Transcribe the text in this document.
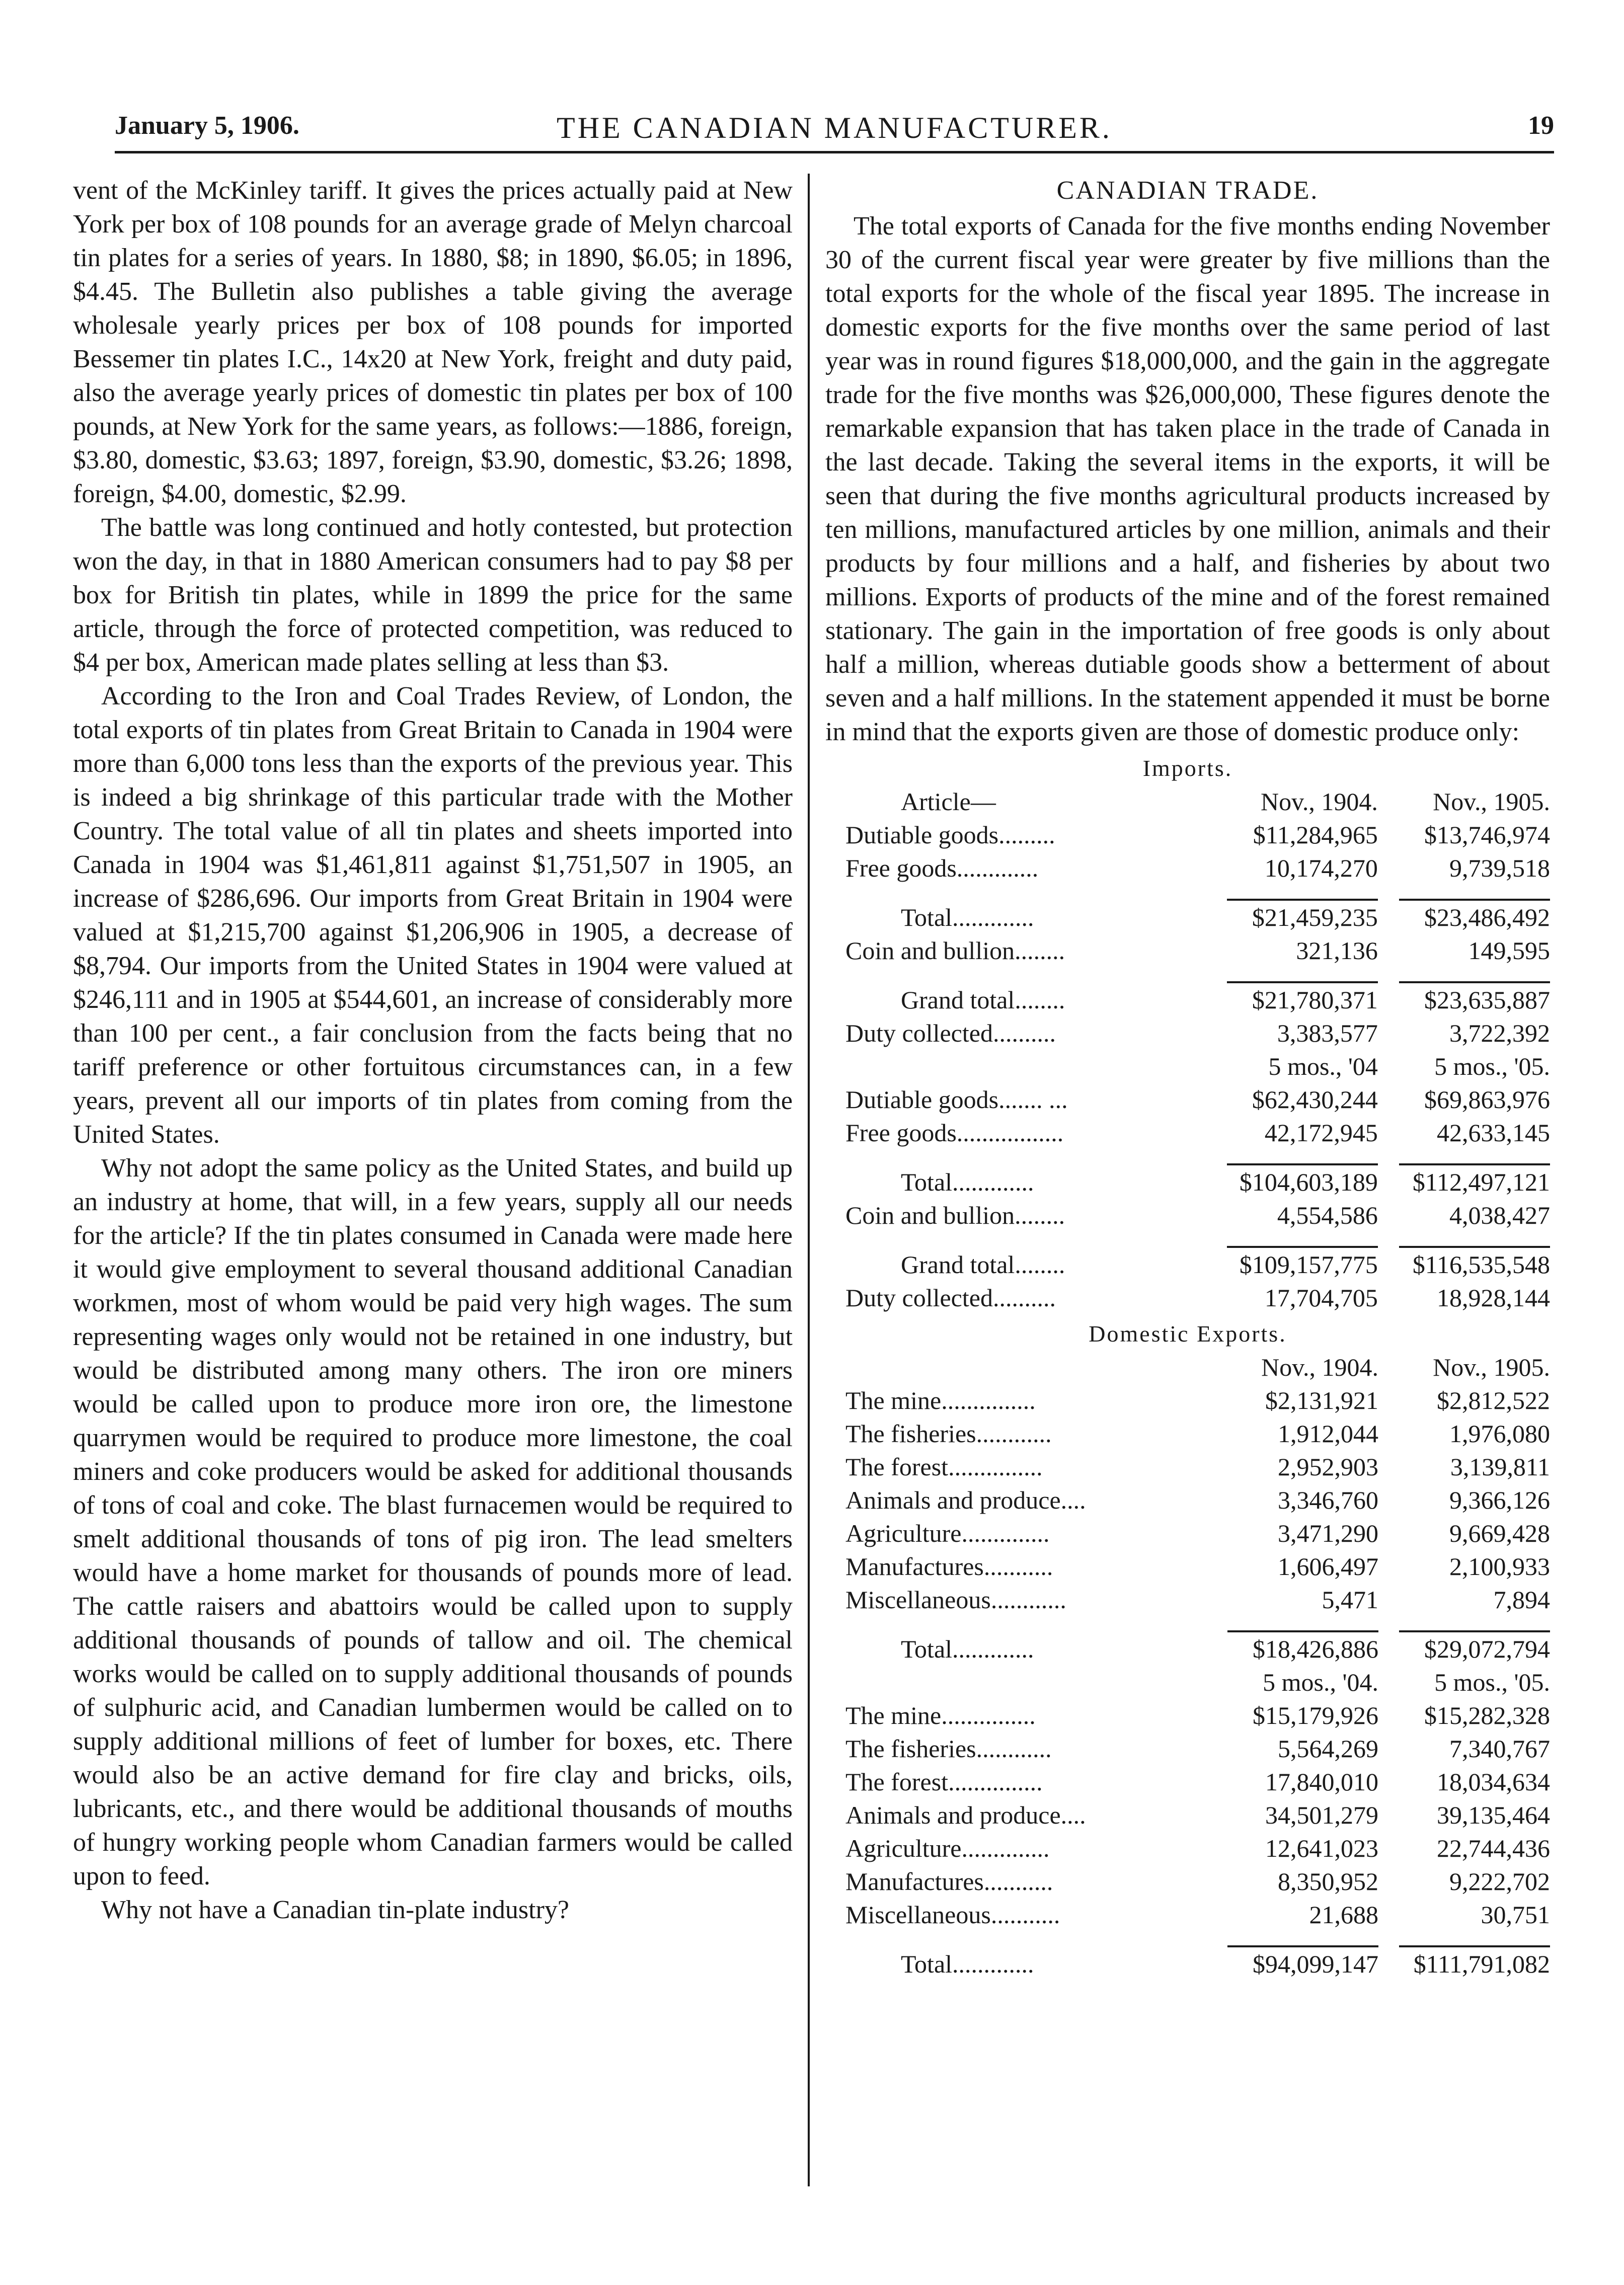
January 5, 1906.	THE CANADIAN MANUFACTURER.	19

vent of the McKinley tariff. It gives the prices actually paid at New York per box of 108 pounds for an average grade of Melyn charcoal tin plates for a series of years. In 1880, $8; in 1890, $6.05; in 1896, $4.45. The Bulletin also publishes a table giving the average wholesale yearly prices per box of 108 pounds for imported Bessemer tin plates I.C., 14x20 at New York, freight and duty paid, also the average yearly prices of domestic tin plates per box of 100 pounds, at New York for the same years, as follows:—1886, foreign, $3.80, domestic, $3.63; 1897, foreign, $3.90, domestic, $3.26; 1898, foreign, $4.00, domestic, $2.99.

The battle was long continued and hotly contested, but protection won the day, in that in 1880 American consumers had to pay $8 per box for British tin plates, while in 1899 the price for the same article, through the force of protected competition, was reduced to $4 per box, American made plates selling at less than $3.

According to the Iron and Coal Trades Review, of London, the total exports of tin plates from Great Britain to Canada in 1904 were more than 6,000 tons less than the exports of the previous year. This is indeed a big shrinkage of this particular trade with the Mother Country. The total value of all tin plates and sheets imported into Canada in 1904 was $1,461,811 against $1,751,507 in 1905, an increase of $286,696. Our imports from Great Britain in 1904 were valued at $1,215,700 against $1,206,906 in 1905, a decrease of $8,794. Our imports from the United States in 1904 were valued at $246,111 and in 1905 at $544,601, an increase of considerably more than 100 per cent., a fair conclusion from the facts being that no tariff preference or other fortuitous circumstances can, in a few years, prevent all our imports of tin plates from coming from the United States.

Why not adopt the same policy as the United States, and build up an industry at home, that will, in a few years, supply all our needs for the article? If the tin plates consumed in Canada were made here it would give employment to several thousand additional Canadian workmen, most of whom would be paid very high wages. The sum representing wages only would not be retained in one industry, but would be distributed among many others. The iron ore miners would be called upon to produce more iron ore, the limestone quarrymen would be required to produce more limestone, the coal miners and coke producers would be asked for additional thousands of tons of coal and coke. The blast furnacemen would be required to smelt additional thousands of tons of pig iron. The lead smelters would have a home market for thousands of pounds more of lead. The cattle raisers and abattoirs would be called upon to supply additional thousands of pounds of tallow and oil. The chemical works would be called on to supply additional thousands of pounds of sulphuric acid, and Canadian lumbermen would be called on to supply additional millions of feet of lumber for boxes, etc. There would also be an active demand for fire clay and bricks, oils, lubricants, etc., and there would be additional thousands of mouths of hungry working people whom Canadian farmers would be called upon to feed.

Why not have a Canadian tin-plate industry?

CANADIAN TRADE.

The total exports of Canada for the five months ending November 30 of the current fiscal year were greater by five millions than the total exports for the whole of the fiscal year 1895. The increase in domestic exports for the five months over the same period of last year was in round figures $18,000,000, and the gain in the aggregate trade for the five months was $26,000,000, These figures denote the remarkable expansion that has taken place in the trade of Canada in the last decade. Taking the several items in the exports, it will be seen that during the five months agricultural products increased by ten millions, manufactured articles by one million, animals and their products by four millions and a half, and fisheries by about two millions. Exports of products of the mine and of the forest remained stationary. The gain in the importation of free goods is only about half a million, whereas dutiable goods show a betterment of about seven and a half millions. In the statement appended it must be borne in mind that the exports given are those of domestic produce only:

Imports.
Article—	Nov., 1904.	Nov., 1905.
Dutiable goods.........	$11,284,965	$13,746,974
Free goods.............	10,174,270	9,739,518

Total.............	$21,459,235	$23,486,492
Coin and bullion........	321,136	149,595

Grand total........	$21,780,371	$23,635,887
Duty collected..........	3,383,577	3,722,392
	5 mos., '04	5 mos., '05.
Dutiable goods....... ...	$62,430,244	$69,863,976
Free goods.................	42,172,945	42,633,145

Total.............	$104,603,189	$112,497,121
Coin and bullion........	4,554,586	4,038,427

Grand total........	$109,157,775	$116,535,548
Duty collected..........	17,704,705	18,928,144
Domestic Exports.
	Nov., 1904.	Nov., 1905.
The mine...............	$2,131,921	$2,812,522
The fisheries............	1,912,044	1,976,080
The forest...............	2,952,903	3,139,811
Animals and produce....	3,346,760	9,366,126
Agriculture..............	3,471,290	9,669,428
Manufactures...........	1,606,497	2,100,933
Miscellaneous............	5,471	7,894

Total.............	$18,426,886	$29,072,794
	5 mos., '04.	5 mos., '05.
The mine...............	$15,179,926	$15,282,328
The fisheries............	5,564,269	7,340,767
The forest...............	17,840,010	18,034,634
Animals and produce....	34,501,279	39,135,464
Agriculture..............	12,641,023	22,744,436
Manufactures...........	8,350,952	9,222,702
Miscellaneous...........	21,688	30,751

Total.............	$94,099,147	$111,791,082
